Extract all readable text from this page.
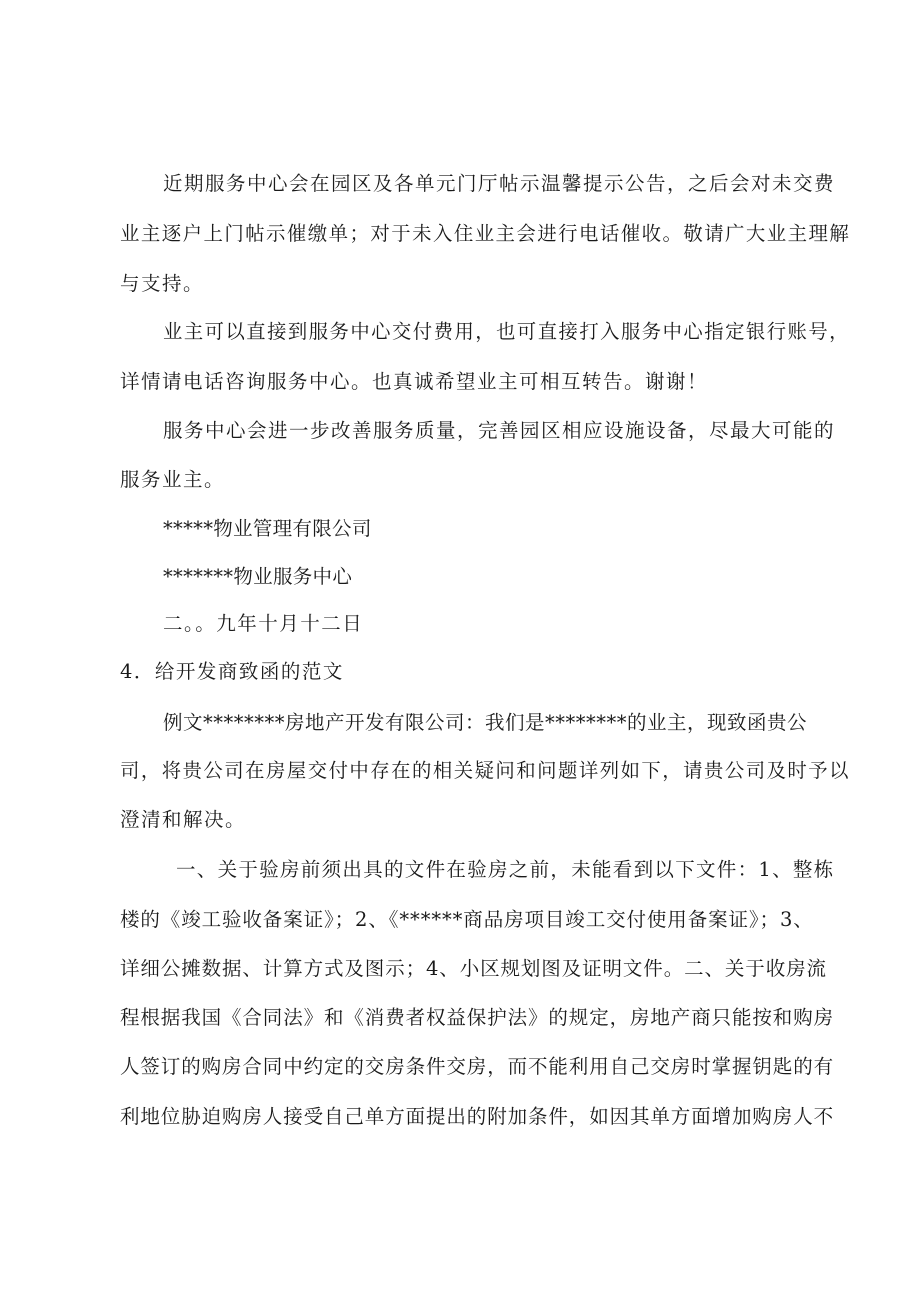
近期服务中心会在园区及各单元门厅帖示温馨提示公告，之后会对未交费
业主逐户上门帖示催缴单；对于未入住业主会进行电话催收。敬请广大业主理解
与支持。
业主可以直接到服务中心交付费用，也可直接打入服务中心指定银行账号，
详情请电话咨询服务中心。也真诚希望业主可相互转告。谢谢！
服务中心会进一步改善服务质量，完善园区相应设施设备，尽最大可能的
服务业主。
*****物业管理有限公司
*******物业服务中心
二。。九年十月十二日
4．给开发商致函的范文
例文********房地产开发有限公司：我们是********的业主，现致函贵公
司，将贵公司在房屋交付中存在的相关疑问和问题详列如下，请贵公司及时予以
澄清和解决。
一、关于验房前须出具的文件在验房之前，未能看到以下文件：1、整栋
楼的《竣工验收备案证》；2、《******商品房项目竣工交付使用备案证》；3、
详细公摊数据、计算方式及图示；4、小区规划图及证明文件。二、关于收房流
程根据我国《合同法》和《消费者权益保护法》的规定，房地产商只能按和购房
人签订的购房合同中约定的交房条件交房，而不能利用自己交房时掌握钥匙的有
利地位胁迫购房人接受自己单方面提出的附加条件，如因其单方面增加购房人不
